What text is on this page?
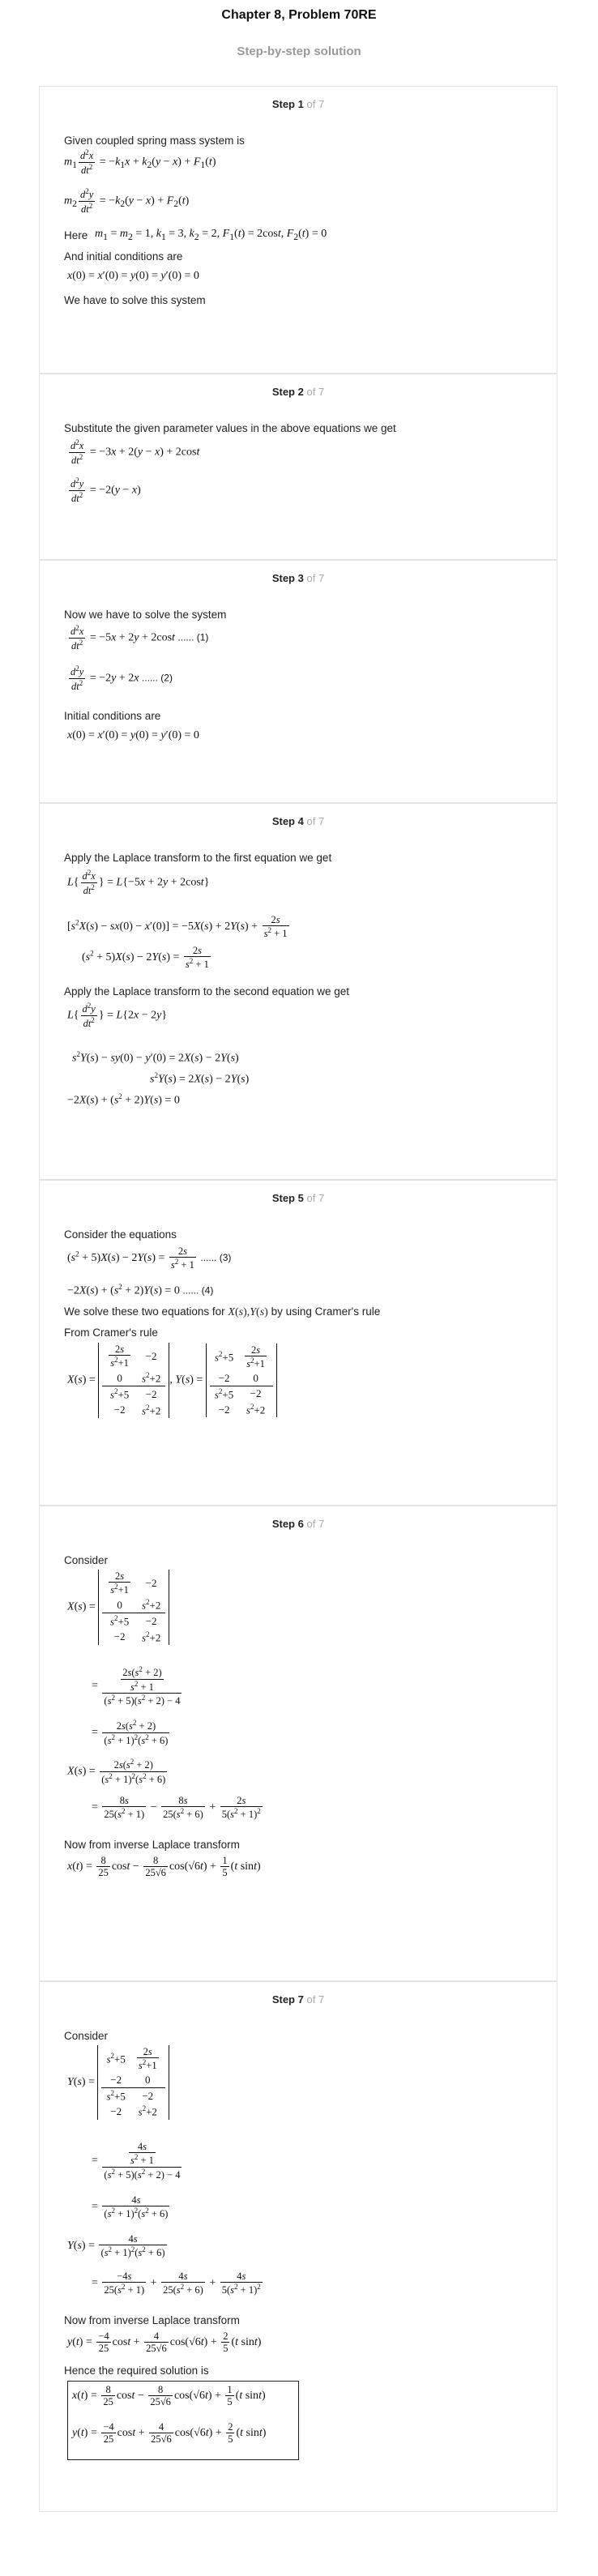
Chapter 8, Problem 70RE
Step-by-step solution
Step 1 of 7
Given coupled spring mass system is
$m_1 \frac{d^2x}{dt^2} = -k_1x + k_2(y - x) + F_1(t)$
$m_2 \frac{d^2y}{dt^2} = -k_2(y - x) + F_2(t)$
Here $m_1 = m_2 = 1$, $k_1 = 3$, $k_2 = 2$, $F_1(t) = 2\cos t$, $F_2(t) = 0$
And initial conditions are
x(0) = x′(0) = y(0) = y′(0) = 0
We have to solve this system
Step 2 of 7
Substitute the given parameter values in the above equations we get
$\frac{d^2x}{dt^2} = -3x + 2(y - x) + 2\cos t$
$\frac{d^2y}{dt^2} = -2(y - x)$
Step 3 of 7
Now we have to solve the system
$\frac{d^2x}{dt^2} = -5x + 2y + 2\cos t$ ...... (1)
$\frac{d^2y}{dt^2} = -2y + 2x$ ...... (2)
Initial conditions are
x(0) = x′(0) = y(0) = y′(0) = 0
Step 4 of 7
Apply the Laplace transform to the first equation we get
$L\{ \frac{d^2x}{dt^2}$ } = L{−5x + 2y + 2cost}
$[s^2X(s) - sx(0) - x'(0)] = -5X(s) + 2Y(s) + \frac{2s}{s^2 + 1}$
$(s^2 + 5)X(s) - 2Y(s) = \frac{2s}{s^2 + 1}$
Apply the Laplace transform to the second equation we get
$L\{ \frac{d^2y}{dt^2}$ } = L{2x − 2y}
$s^2Y(s) - sy(0) - y'(0) = 2X(s) - 2Y(s)$
$s^2Y(s) = 2X(s) - 2Y(s)$
$-2X(s) + (s^2 + 2)Y(s) = 0$
Step 5 of 7
Consider the equations
$(s^2 + 5)X(s) - 2Y(s) = \frac{2s}{s^2 + 1}$ ...... (3)
$-2X(s) + (s^2 + 2)Y(s) = 0$ ...... (4)
We solve these two equations for X(s),Y(s) by using Cramer's rule
From Cramer's rule
X(s) =
$\frac{2s}{s^2+1}$	−2
0	$s^2+2$
$s^2+5$	−2
−2	$s^2+2$
, Y(s) =
$s^2+5$	$\frac{2s}{s^2+1}$

−2	0
$s^2+5$	−2
−2	$s^2+2$
Step 6 of 7
Consider
X(s) =
$\frac{2s}{s^2+1}$	−2
0	$s^2+2$
$s^2+5$	−2
−2	$s^2+2$
= $\frac{\frac{2s(s^2 + 2)}{s^2 + 1}}{(s^2 + 5)(s^2 + 2) - 4}$
= $\frac{2s(s^2 + 2)}{(s^2 + 1)^2(s^2 + 6)}$
$X(s) = \frac{2s(s^2 + 2)}{(s^2 + 1)^2(s^2 + 6)}$
= $\frac{8s}{25(s^2 + 1)} - \frac{8s}{25(s^2 + 6)} + \frac{2s}{5(s^2 + 1)^2}$
Now from inverse Laplace transform
$x(t) = \frac{8}{25}$ $\cos t - \frac{8}{25√6} \cos(√6t) + \frac{1}{5} (t$ sint)
Step 7 of 7
Consider
Y(s) =
$s^2+5$	$\frac{2s}{s^2+1}$

−2	0
$s^2+5$	−2
−2	$s^2+2$
= $\frac{\frac{4s}{s^2 + 1}}{(s^2 + 5)(s^2 + 2) - 4}$
= $\frac{4s}{(s^2 + 1)^2(s^2 + 6)}$
$Y(s) = \frac{4s}{(s^2 + 1)^2(s^2 + 6)}$
= $\frac{-4s}{25(s^2 + 1)} + \frac{4s}{25(s^2 + 6)} + \frac{4s}{5(s^2 + 1)^2}$
Now from inverse Laplace transform
$y(t) = \frac{-4}{25}$ $\cos t + \frac{4}{25√6} \cos(√6t) + \frac{2}{5} (t$ sint)
Hence the required solution is
$x(t) = \frac{8}{25}$ $\cos t - \frac{8}{25√6} \cos(√6t) + \frac{1}{5} (t$ sint)
$y(t) = \frac{-4}{25}$ $\cos t + \frac{4}{25√6} \cos(√6t) + \frac{2}{5} (t$ sint)
